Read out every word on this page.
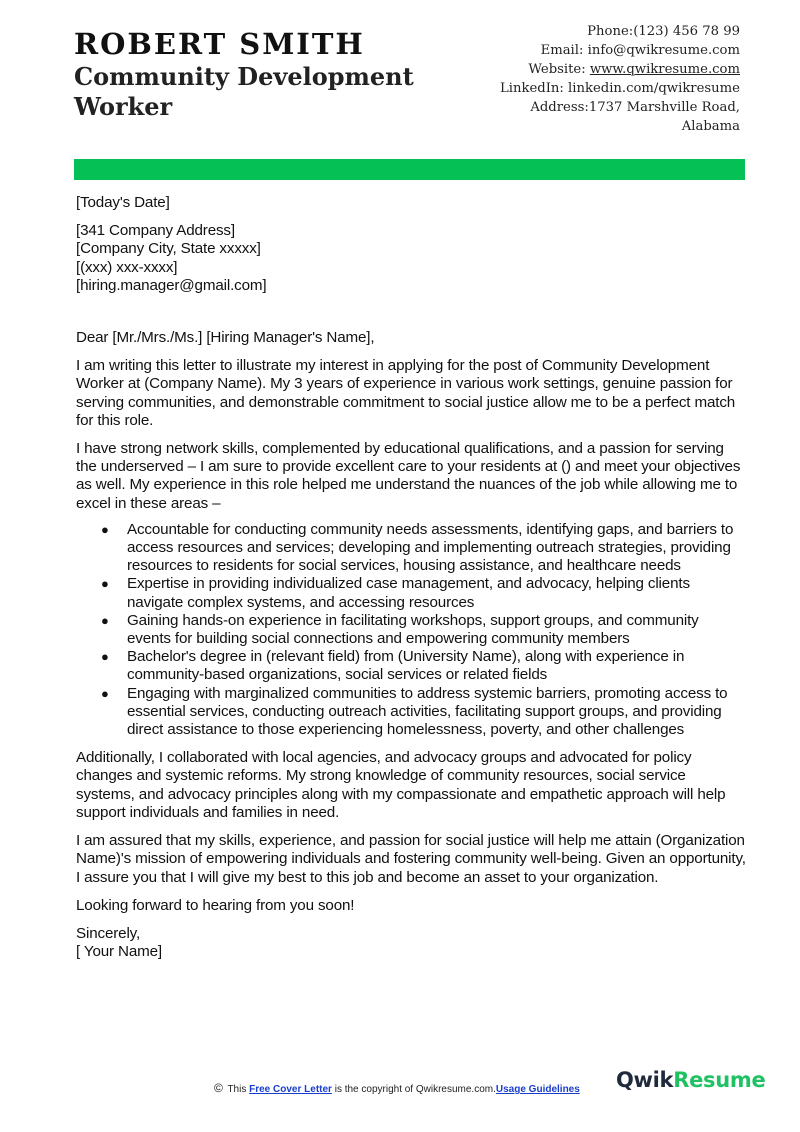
ROBERT SMITH
Community Development Worker
Phone:(123) 456 78 99
Email: info@qwikresume.com
Website: www.qwikresume.com
LinkedIn: linkedin.com/qwikresume
Address:1737 Marshville Road,
Alabama
[Today's Date]
[341 Company Address]
[Company City, State xxxxx]
[(xxx) xxx-xxxx]
[hiring.manager@gmail.com]

Dear [Mr./Mrs./Ms.] [Hiring Manager's Name],

I am writing this letter to illustrate my interest in applying for the post of Community Development Worker at (Company Name). My 3 years of experience in various work settings, genuine passion for serving communities, and demonstrable commitment to social justice allow me to be a perfect match for this role.

I have strong network skills, complemented by educational qualifications, and a passion for serving the underserved – I am sure to provide excellent care to your residents at () and meet your objectives as well. My experience in this role helped me understand the nuances of the job while allowing me to excel in these areas –

● Accountable for conducting community needs assessments, identifying gaps, and barriers to access resources and services; developing and implementing outreach strategies, providing resources to residents for social services, housing assistance, and healthcare needs
● Expertise in providing individualized case management, and advocacy, helping clients navigate complex systems, and accessing resources
● Gaining hands-on experience in facilitating workshops, support groups, and community events for building social connections and empowering community members
● Bachelor's degree in (relevant field) from (University Name), along with experience in community-based organizations, social services or related fields
● Engaging with marginalized communities to address systemic barriers, promoting access to essential services, conducting outreach activities, facilitating support groups, and providing direct assistance to those experiencing homelessness, poverty, and other challenges

Additionally, I collaborated with local agencies, and advocacy groups and advocated for policy changes and systemic reforms. My strong knowledge of community resources, social service systems, and advocacy principles along with my compassionate and empathetic approach will help support individuals and families in need.

I am assured that my skills, experience, and passion for social justice will help me attain (Organization Name)'s mission of empowering individuals and fostering community well-being. Given an opportunity, I assure you that I will give my best to this job and become an asset to your organization.

Looking forward to hearing from you soon!

Sincerely,
[ Your Name]
© This Free Cover Letter is the copyright of Qwikresume.com.Usage Guidelines QwikResume
